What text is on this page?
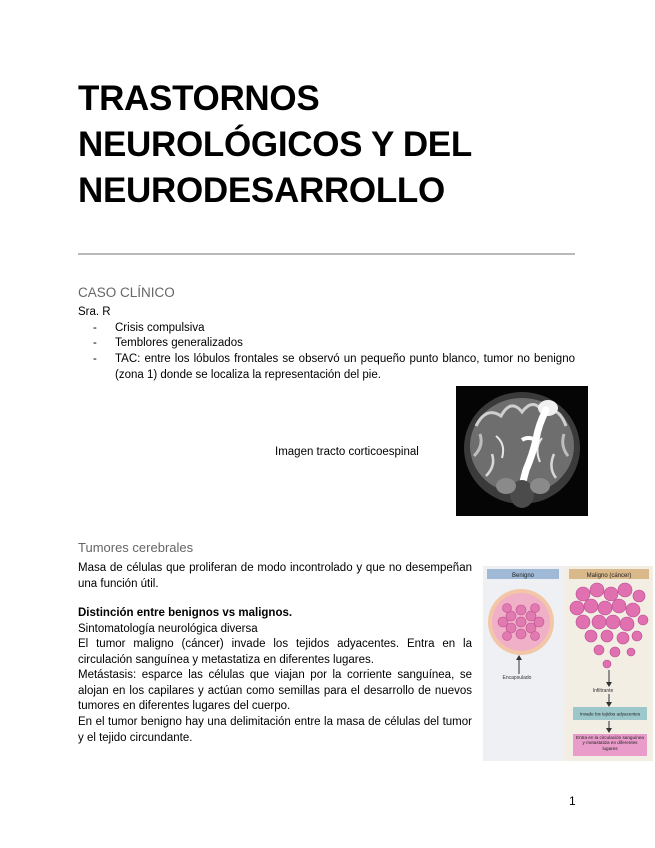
TRASTORNOS
NEUROLÓGICOS Y DEL
NEURODESARROLLO
CASO CLÍNICO
Sra. R
- Crisis compulsiva
- Temblores generalizados
- TAC: entre los lóbulos frontales se observó un pequeño punto blanco, tumor no benigno (zona 1) donde se localiza la representación del pie.
Imagen tracto corticoespinal
Tumores cerebrales
Masa de células que proliferan de modo incontrolado y que no desempeñan una función útil.
Distinción entre benignos vs malignos.
Sintomatología neurológica diversa
El tumor maligno (cáncer) invade los tejidos adyacentes. Entra en la circulación sanguínea y metastatiza en diferentes lugares.
Metástasis: esparce las células que viajan por la corriente sanguínea, se alojan en los capilares y actúan como semillas para el desarrollo de nuevos tumores en diferentes lugares del cuerpo.
En el tumor benigno hay una delimitación entre la masa de células del tumor y el tejido circundante.
Benigno	Maligno (cáncer)
Encapsulado
Infiltrante
Invade los tejidos adyacentes
Entra en la circulación sanguínea y metastatiza en diferentes lugares
1
